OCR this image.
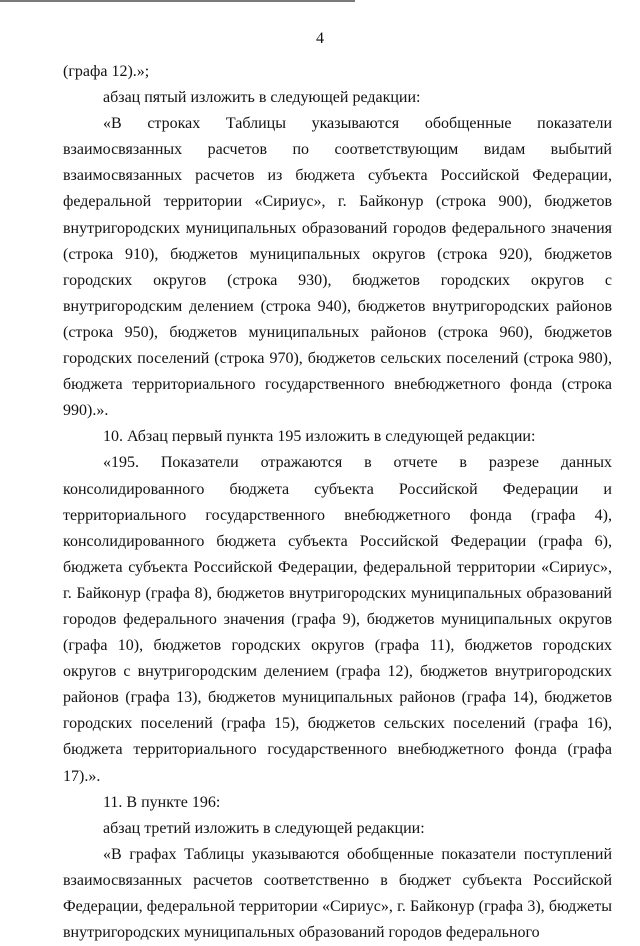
4

(графа 12).»;

абзац пятый изложить в следующей редакции:

«В строках Таблицы указываются обобщенные показатели взаимосвязанных расчетов по соответствующим видам выбытий взаимосвязанных расчетов из бюджета субъекта Российской Федерации, федеральной территории «Сириус», г. Байконур (строка 900), бюджетов внутригородских муниципальных образований городов федерального значения (строка 910), бюджетов муниципальных округов (строка 920), бюджетов городских округов (строка 930), бюджетов городских округов с внутригородским делением (строка 940), бюджетов внутригородских районов (строка 950), бюджетов муниципальных районов (строка 960), бюджетов городских поселений (строка 970), бюджетов сельских поселений (строка 980), бюджета территориального государственного внебюджетного фонда (строка 990).».

10. Абзац первый пункта 195 изложить в следующей редакции:

«195. Показатели отражаются в отчете в разрезе данных консолидированного бюджета субъекта Российской Федерации и территориального государственного внебюджетного фонда (графа 4), консолидированного бюджета субъекта Российской Федерации (графа 6), бюджета субъекта Российской Федерации, федеральной территории «Сириус», г. Байконур (графа 8), бюджетов внутригородских муниципальных образований городов федерального значения (графа 9), бюджетов муниципальных округов (графа 10), бюджетов городских округов (графа 11), бюджетов городских округов с внутригородским делением (графа 12), бюджетов внутригородских районов (графа 13), бюджетов муниципальных районов (графа 14), бюджетов городских поселений (графа 15), бюджетов сельских поселений (графа 16), бюджета территориального государственного внебюджетного фонда (графа 17).».

11. В пункте 196:

абзац третий изложить в следующей редакции:

«В графах Таблицы указываются обобщенные показатели поступлений взаимосвязанных расчетов соответственно в бюджет субъекта Российской Федерации, федеральной территории «Сириус», г. Байконур (графа 3), бюджеты внутригородских муниципальных образований городов федерального
